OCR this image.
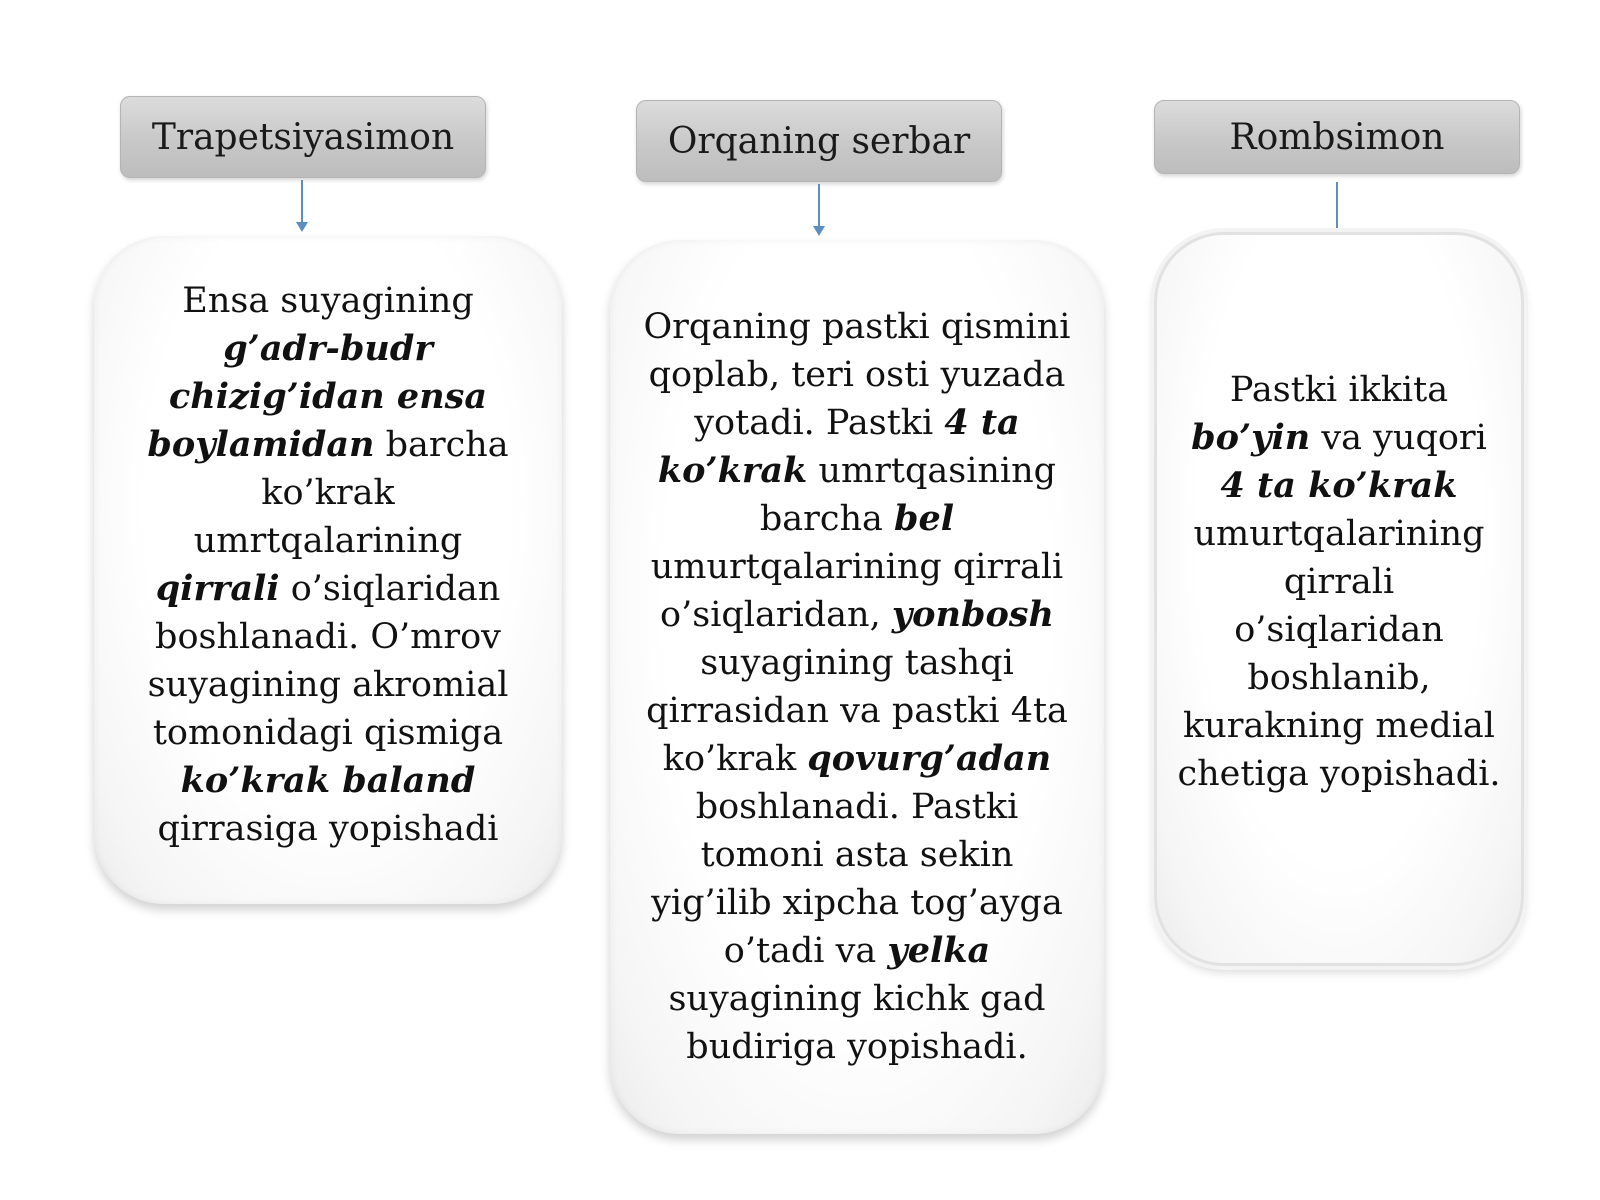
Trapetsiyasimon
Ensa suyagining g’adr-budr chizig’idan ensa boylamidan barcha ko’krak umrtqalarining qirrali o’siqlaridan boshlanadi. O’mrov suyagining akromial tomonidagi qismiga ko’krak baland qirrasiga yopishadi
Orqaning serbar
Orqaning pastki qismini qoplab, teri osti yuzada yotadi. Pastki 4 ta ko’krak umrtqasining barcha bel umurtqalarining qirrali o’siqlaridan, yonbosh suyagining tashqi qirrasidan va pastki 4ta ko’krak qovurg’adan boshlanadi. Pastki tomoni asta sekin yig’ilib xipcha tog’ayga o’tadi va yelka suyagining kichk gad budiriga yopishadi.
Rombsimon
Pastki ikkita bo’yin va yuqori 4 ta ko’krak umurtqalarining qirrali o’siqlaridan boshlanib, kurakning medial chetiga yopishadi.
